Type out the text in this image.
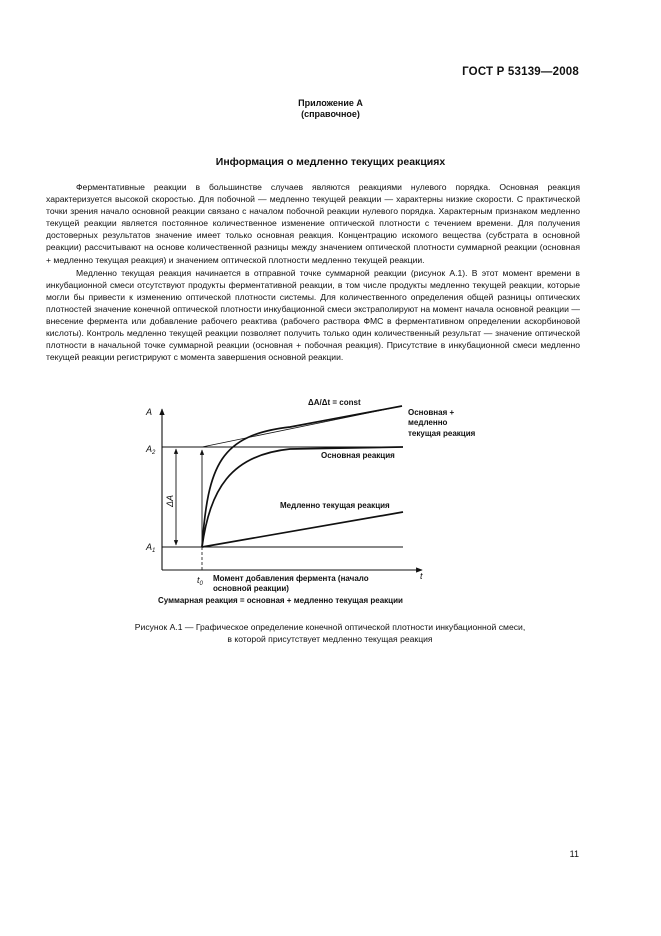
ГОСТ Р 53139—2008
Приложение А
(справочное)
Информация о медленно текущих реакциях

Ферментативные реакции в большинстве случаев являются реакциями нулевого порядка. Основная реакция характеризуется высокой скоростью. Для побочной — медленно текущей реакции — характерны низкие скорости. С практической точки зрения начало основной реакции связано с началом побочной реакции нулевого порядка. Характерным признаком медленно текущей реакции является постоянное количественное изменение оптической плотности с течением времени. Для получения достоверных результатов значение имеет только основная реакция. Концентрацию искомого вещества (субстрата в основной реакции) рассчитывают на основе количественной разницы между значением оптической плотности суммарной реакции (основная + медленно текущая реакция) и значением оптической плотности медленно текущей реакции.

Медленно текущая реакция начинается в отправной точке суммарной реакции (рисунок А.1). В этот момент времени в инкубационной смеси отсутствуют продукты ферментативной реакции, в том числе продукты медленно текущей реакции, которые могли бы привести к изменению оптической плотности системы. Для количественного определения общей разницы оптических плотностей значение конечной оптической плотности инкубационной смеси экстраполируют на момент начала основной реакции — внесение фермента или добавление рабочего реактива (рабочего раствора ФМС в ферментативном определении аскорбиновой кислоты). Контроль медленно текущей реакции позволяет получить только один количественный результат — значение оптической плотности в начальной точке суммарной реакции (основная + побочная реакция). Присутствие в инкубационной смеси медленно текущей реакции регистрируют с момента завершения основной реакции.

A
t
$A_2$
$A_1$
ΔA
ΔA/Δt = const
Основная +
медленно
текущая реакция
Основная реакция
Медленно текущая реакция
$t_0$
Момент добавления фермента (начало
основной реакции)
Суммарная реакция = основная + медленно текущая реакции
Рисунок А.1 — Графическое определение конечной оптической плотности инкубационной смеси,
в которой присутствует медленно текущая реакция
11
